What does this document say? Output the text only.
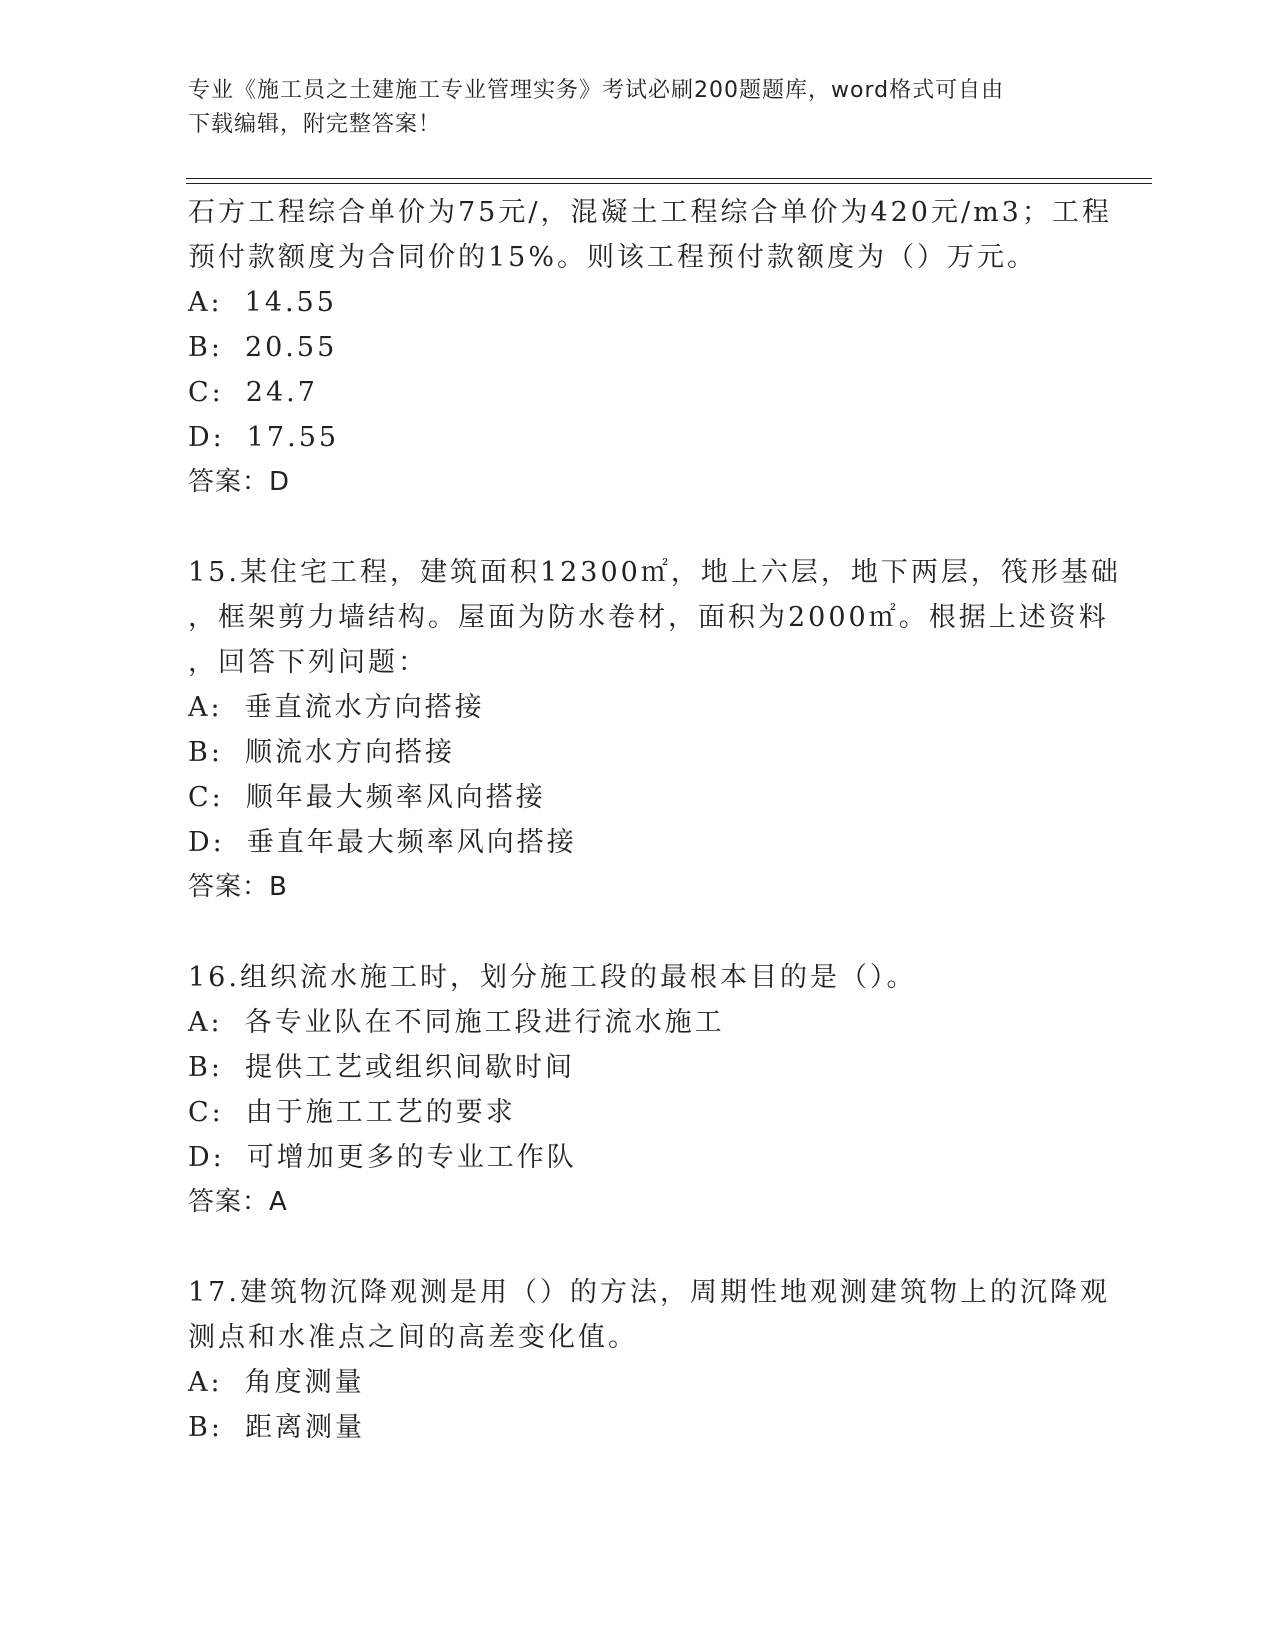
专业《施工员之土建施工专业管理实务》考试必刷200题题库，word格式可自由
下载编辑，附完整答案！
石方工程综合单价为75元/，混凝土工程综合单价为420元/m3；工程
预付款额度为合同价的15%。则该工程预付款额度为（）万元。
A: 14.55
B: 20.55
C: 24.7
D: 17.55
答案：D
15.某住宅工程，建筑面积12300㎡，地上六层，地下两层，筏形基础
，框架剪力墙结构。屋面为防水卷材，面积为2000㎡。根据上述资料
，回答下列问题：
A: 垂直流水方向搭接
B: 顺流水方向搭接
C: 顺年最大频率风向搭接
D: 垂直年最大频率风向搭接
答案：B
16.组织流水施工时，划分施工段的最根本目的是（）。
A: 各专业队在不同施工段进行流水施工
B: 提供工艺或组织间歇时间
C: 由于施工工艺的要求
D: 可增加更多的专业工作队
答案：A
17.建筑物沉降观测是用（）的方法，周期性地观测建筑物上的沉降观
测点和水准点之间的高差变化值。
A: 角度测量
B: 距离测量
